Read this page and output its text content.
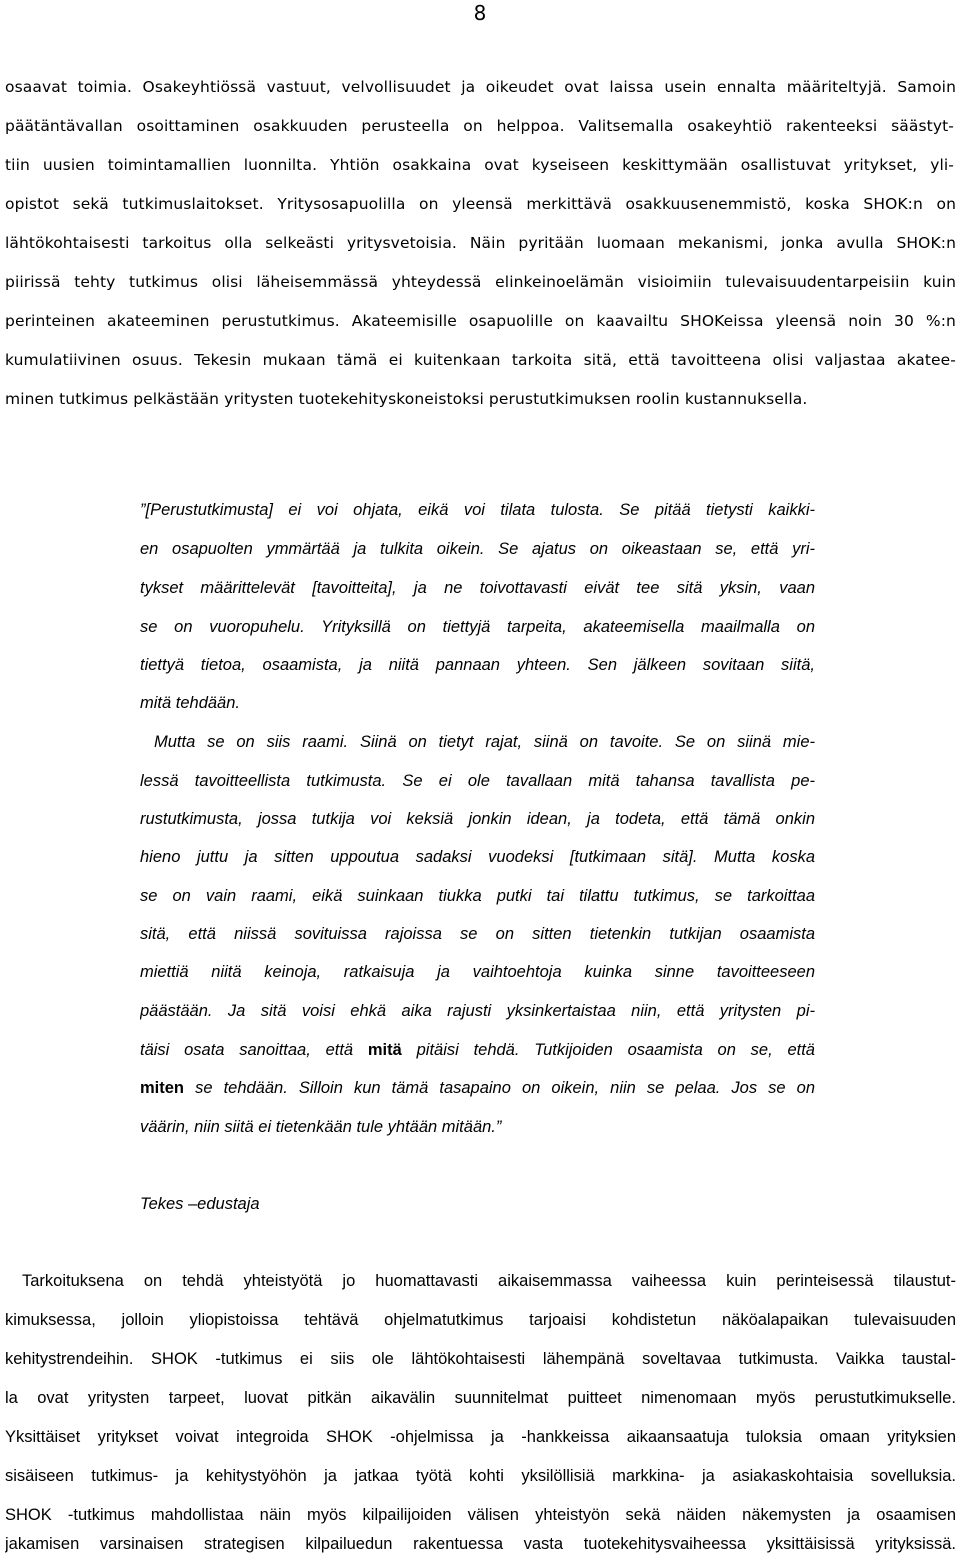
8
osaavat toimia. Osakeyhtiössä vastuut, velvollisuudet ja oikeudet ovat laissa usein ennalta määriteltyjä. Samoin
päätäntävallan osoittaminen osakkuuden perusteella on helppoa. Valitsemalla osakeyhtiö rakenteeksi säästyt-
tiin uusien toimintamallien luonnilta. Yhtiön osakkaina ovat kyseiseen keskittymään osallistuvat yritykset, yli-
opistot sekä tutkimuslaitokset. Yritysosapuolilla on yleensä merkittävä osakkuusenemmistö, koska SHOK:n on
lähtökohtaisesti tarkoitus olla selkeästi yritysvetoisia. Näin pyritään luomaan mekanismi, jonka avulla SHOK:n
piirissä tehty tutkimus olisi läheisemmässä yhteydessä elinkeinoelämän visioimiin tulevaisuudentarpeisiin kuin
perinteinen akateeminen perustutkimus. Akateemisille osapuolille on kaavailtu SHOKeissa yleensä noin 30 %:n
kumulatiivinen osuus. Tekesin mukaan tämä ei kuitenkaan tarkoita sitä, että tavoitteena olisi valjastaa akatee-
minen tutkimus pelkästään yritysten tuotekehityskoneistoksi perustutkimuksen roolin kustannuksella.
”[Perustutkimusta] ei voi ohjata, eikä voi tilata tulosta. Se pitää tietysti kaikki-
en osapuolten ymmärtää ja tulkita oikein. Se ajatus on oikeastaan se, että yri-
tykset määrittelevät [tavoitteita], ja ne toivottavasti eivät tee sitä yksin, vaan
se on vuoropuhelu. Yrityksillä on tiettyjä tarpeita, akateemisella maailmalla on
tiettyä tietoa, osaamista, ja niitä pannaan yhteen. Sen jälkeen sovitaan siitä,
mitä tehdään.
Mutta se on siis raami. Siinä on tietyt rajat, siinä on tavoite. Se on siinä mie-
lessä tavoitteellista tutkimusta. Se ei ole tavallaan mitä tahansa tavallista pe-
rustutkimusta, jossa tutkija voi keksiä jonkin idean, ja todeta, että tämä onkin
hieno juttu ja sitten uppoutua sadaksi vuodeksi [tutkimaan sitä]. Mutta koska
se on vain raami, eikä suinkaan tiukka putki tai tilattu tutkimus, se tarkoittaa
sitä, että niissä sovituissa rajoissa se on sitten tietenkin tutkijan osaamista
miettiä niitä keinoja, ratkaisuja ja vaihtoehtoja kuinka sinne tavoitteeseen
päästään. Ja sitä voisi ehkä aika rajusti yksinkertaistaa niin, että yritysten pi-
täisi osata sanoittaa, että mitä pitäisi tehdä. Tutkijoiden osaamista on se, että
miten se tehdään. Silloin kun tämä tasapaino on oikein, niin se pelaa. Jos se on
väärin, niin siitä ei tietenkään tule yhtään mitään.”
Tekes –edustaja
Tarkoituksena on tehdä yhteistyötä jo huomattavasti aikaisemmassa vaiheessa kuin perinteisessä tilaustut-
kimuksessa, jolloin yliopistoissa tehtävä ohjelmatutkimus tarjoaisi kohdistetun näköalapaikan tulevaisuuden
kehitystrendeihin. SHOK -tutkimus ei siis ole lähtökohtaisesti lähempänä soveltavaa tutkimusta. Vaikka taustal-
la ovat yritysten tarpeet, luovat pitkän aikavälin suunnitelmat puitteet nimenomaan myös perustutkimukselle.
Yksittäiset yritykset voivat integroida SHOK -ohjelmissa ja -hankkeissa aikaansaatuja tuloksia omaan yrityksien
sisäiseen tutkimus- ja kehitystyöhön ja jatkaa työtä kohti yksilöllisiä markkina- ja asiakaskohtaisia sovelluksia.
SHOK -tutkimus mahdollistaa näin myös kilpailijoiden välisen yhteistyön sekä näiden näkemysten ja osaamisen
jakamisen varsinaisen strategisen kilpailuedun rakentuessa vasta tuotekehitysvaiheessa yksittäisissä yrityksissä.
